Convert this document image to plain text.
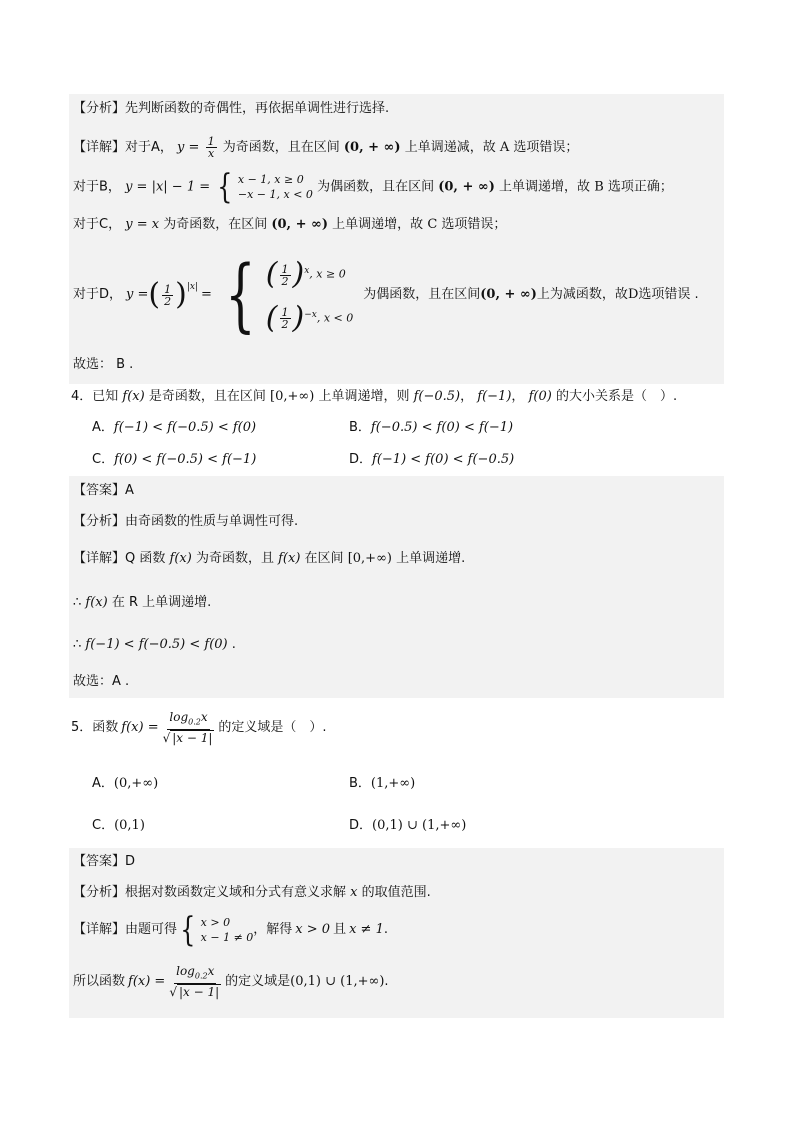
【分析】先判断函数的奇偶性，再依据单调性进行选择.
【详解】对于A， $y = \frac{1}{x}$ 为奇函数，且在区间 (0, + ∞) 上单调递减，故 A 选项错误；
对于B， y = |x| − 1 = { x − 1, x ≥ 0
−x − 1, x < 0 为偶函数，且在区间 (0, + ∞) 上单调递增，故 B 选项正确；
对于C， y = x 为奇函数，在区间 (0, + ∞) 上单调递增，故 C 选项错误；
对于D， y = ( $\frac{1}{2} )^{|x|}$ = { ( $\frac{1}{2} )^x$, x ≥ 0
( $\frac{1}{2} )^{-x}$, x < 0
为偶函数，且在区间 (0, + ∞) 上为减函数，故 D 选项错误 .
故选： B .
4．已知 f(x) 是奇函数，且在区间 [0,+∞) 上单调递增，则 f(−0.5)， f(−1)， f(0) 的大小关系是（　）.
A．f(−1) < f(−0.5) < f(0)	B．f(−0.5) < f(0) < f(−1)
C．f(0) < f(−0.5) < f(−1)	D．f(−1) < f(0) < f(−0.5)
【答案】A
【分析】由奇函数的性质与单调性可得.
【详解】Q 函数 f(x) 为奇函数，且 f(x) 在区间 [0,+∞) 上单调递增.
∴ f(x) 在 R 上单调递增.
∴ f(−1) < f(−0.5) < f(0) .
故选：A .
5．函数 $f(x) = \frac{\log_{0.2}x}{√ |x - 1|}$ 的定义域是（　）.
A．(0,+∞)	B．(1,+∞)
C．(0,1)	D．(0,1) ∪ (1,+∞)
【答案】D
【分析】根据对数函数定义域和分式有意义求解 x 的取值范围.
【详解】由题可得 { x > 0
x − 1 ≠ 0
，解得 x > 0 且 x ≠ 1 .
所以函数 $f(x) = \frac{\log_{0.2}x}{√ |x - 1|}$ 的定义域是 (0,1) ∪ (1,+∞) .
